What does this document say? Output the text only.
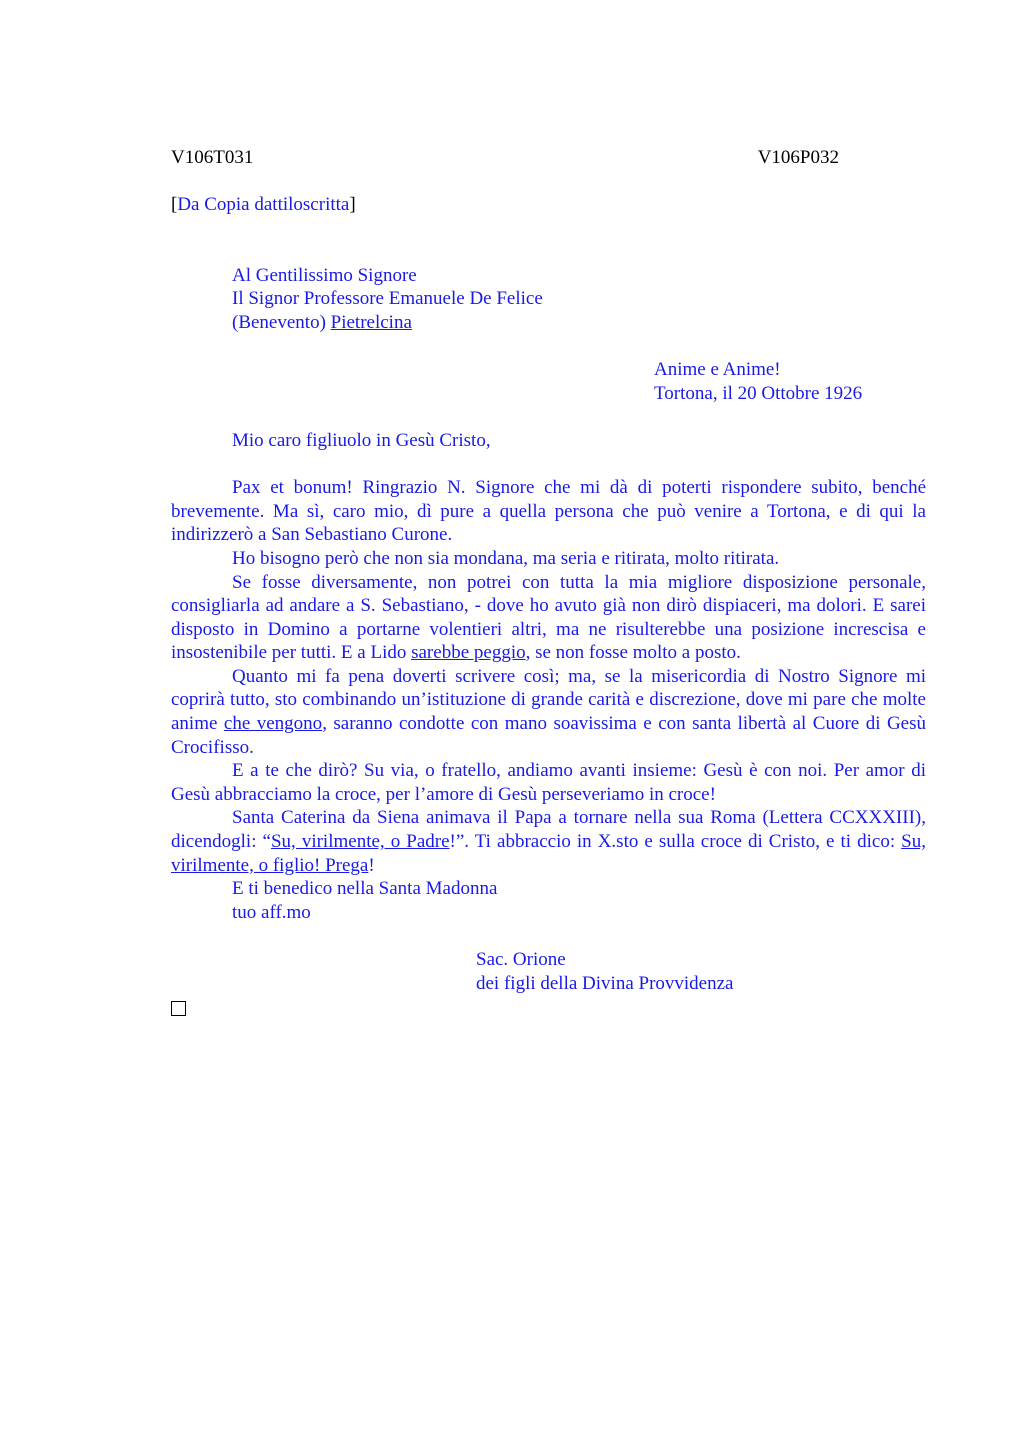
V106T031	V106P032
[Da Copia dattiloscritta]
Al Gentilissimo Signore
Il Signor Professore Emanuele De Felice
(Benevento) Pietrelcina
Anime e Anime!
Tortona, il 20 Ottobre 1926
Mio caro figliuolo in Gesù Cristo,

Pax et bonum! Ringrazio N. Signore che mi dà di poterti rispondere subito, benché brevemente. Ma sì, caro mio, dì pure a quella persona che può venire a Tortona, e di qui la indirizzerò a San Sebastiano Curone.

Ho bisogno però che non sia mondana, ma seria e ritirata, molto ritirata.

Se fosse diversamente, non potrei con tutta la mia migliore disposizione personale, consigliarla ad andare a S. Sebastiano, - dove ho avuto già non dirò dispiaceri, ma dolori. E sarei disposto in Domino a portarne volentieri altri, ma ne risulterebbe una posizione increscisa e insostenibile per tutti. E a Lido sarebbe peggio, se non fosse molto a posto.

Quanto mi fa pena doverti scrivere così; ma, se la misericordia di Nostro Signore mi coprirà tutto, sto combinando un’istituzione di grande carità e discrezione, dove mi pare che molte anime che vengono, saranno condotte con mano soavissima e con santa libertà al Cuore di Gesù Crocifisso.

E a te che dirò? Su via, o fratello, andiamo avanti insieme: Gesù è con noi. Per amor di Gesù abbracciamo la croce, per l’amore di Gesù perseveriamo in croce!

Santa Caterina da Siena animava il Papa a tornare nella sua Roma (Lettera CCXXXIII), dicendogli: “Su, virilmente, o Padre!”. Ti abbraccio in X.sto e sulla croce di Cristo, e ti dico: Su, virilmente, o figlio! Prega!

E ti benedico nella Santa Madonna

tuo aff.mo

Sac. Orione
dei figli della Divina Provvidenza
